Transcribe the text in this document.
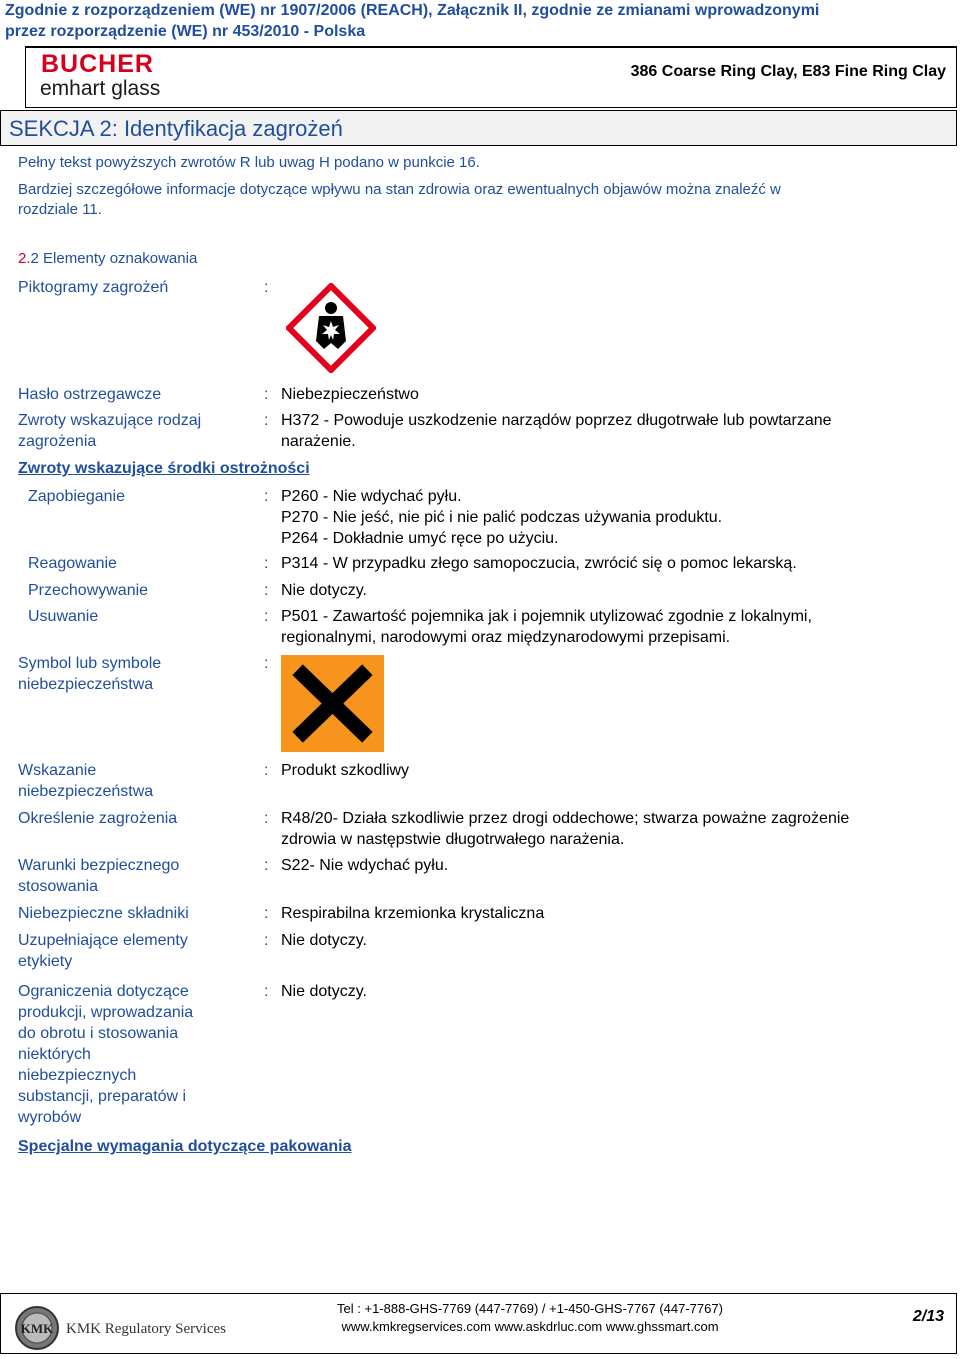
Zgodnie z rozporządzeniem (WE) nr 1907/2006 (REACH), Załącznik II, zgodnie ze zmianami wprowadzonymi
przez rozporządzenie (WE) nr 453/2010 - Polska
BUCHER
emhart glass
386 Coarse Ring Clay, E83 Fine Ring Clay
SEKCJA 2: Identyfikacja zagrożeń
Pełny tekst powyższych zwrotów R lub uwag H podano w punkcie 16.
Bardziej szczegółowe informacje dotyczące wpływu na stan zdrowia oraz ewentualnych objawów można znaleźć w
rozdziale 11.
2.2 Elementy oznakowania
Piktogramy zagrożeń	:
Hasło ostrzegawcze	: Niebezpieczeństwo
Zwroty wskazujące rodzaj
zagrożenia
: H372 - Powoduje uszkodzenie narządów poprzez długotrwałe lub powtarzane
narażenie.
Zwroty wskazujące środki ostrożności
Zapobieganie	: P260 - Nie wdychać pyłu.
P270 - Nie jeść, nie pić i nie palić podczas używania produktu.
P264 - Dokładnie umyć ręce po użyciu.
Reagowanie	: P314 - W przypadku złego samopoczucia, zwrócić się o pomoc lekarską.
Przechowywanie	: Nie dotyczy.
Usuwanie	: P501 - Zawartość pojemnika jak i pojemnik utylizować zgodnie z lokalnymi,
regionalnymi, narodowymi oraz międzynarodowymi przepisami.
Symbol lub symbole
niebezpieczeństwa
:
Wskazanie
niebezpieczeństwa
: Produkt szkodliwy
Określenie zagrożenia	: R48/20- Działa szkodliwie przez drogi oddechowe; stwarza poważne zagrożenie
zdrowia w następstwie długotrwałego narażenia.
Warunki bezpiecznego
stosowania
: S22- Nie wdychać pyłu.
Niebezpieczne składniki	: Respirabilna krzemionka krystaliczna
Uzupełniające elementy
etykiety
: Nie dotyczy.
Ograniczenia dotyczące
produkcji, wprowadzania
do obrotu i stosowania
niektórych
niebezpiecznych
substancji, preparatów i
wyrobów
: Nie dotyczy.
Specjalne wymagania dotyczące pakowania
KMK KMK Regulatory Services
Tel : +1-888-GHS-7769 (447-7769) / +1-450-GHS-7767 (447-7767)
www.kmkregservices.com www.askdrluc.com www.ghssmart.com
2/13
